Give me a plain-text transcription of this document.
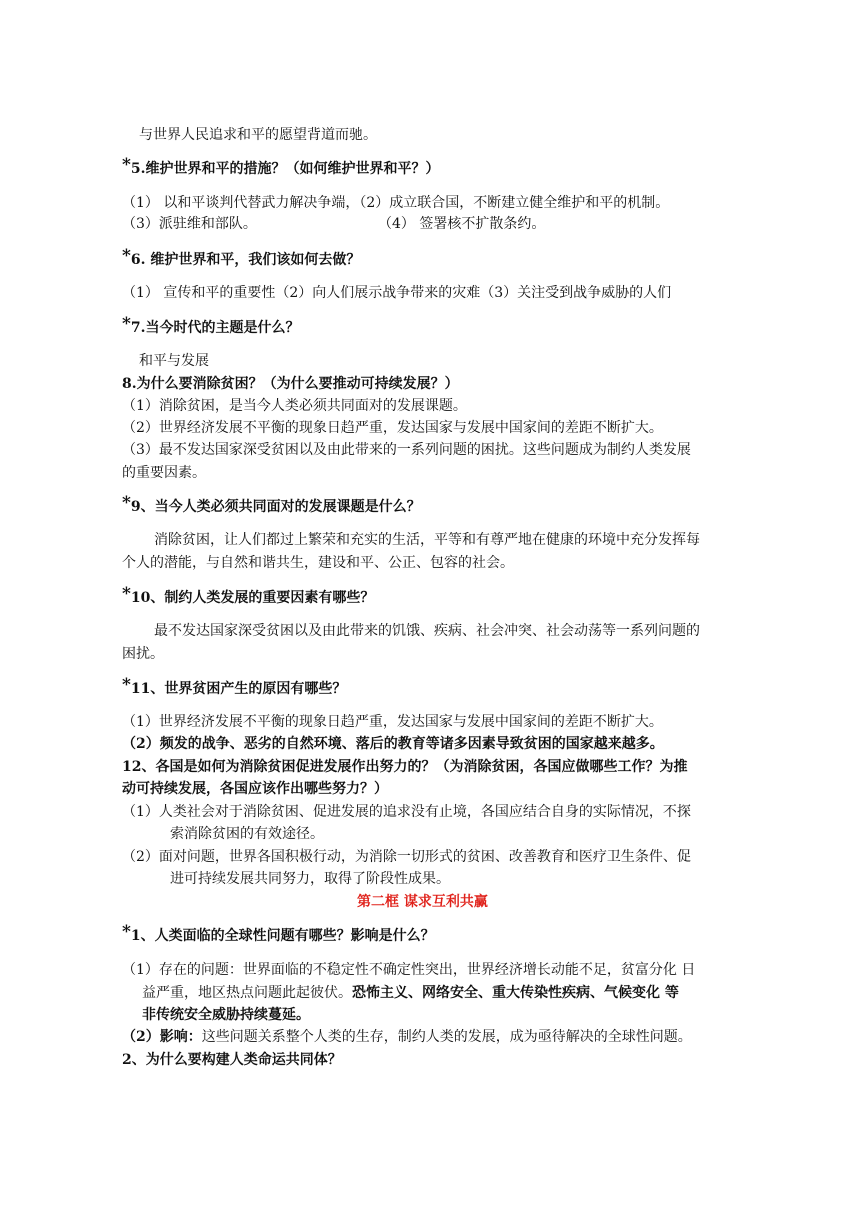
与世界人民追求和平的愿望背道而驰。
*5.维护世界和平的措施？（如何维护世界和平？）
（1） 以和平谈判代替武力解决争端，（2）成立联合国，不断建立健全维护和平的机制。
（3）派驻维和部队。	（4） 签署核不扩散条约。
*6. 维护世界和平，我们该如何去做？
（1） 宣传和平的重要性（2）向人们展示战争带来的灾难（3）关注受到战争威胁的人们
*7.当今时代的主题是什么？
和平与发展
8.为什么要消除贫困？（为什么要推动可持续发展？）
（1）消除贫困，是当今人类必须共同面对的发展课题。
（2）世界经济发展不平衡的现象日趋严重，发达国家与发展中国家间的差距不断扩大。
（3）最不发达国家深受贫困以及由此带来的一系列问题的困扰。这些问题成为制约人类发展
的重要因素。
*9、当今人类必须共同面对的发展课题是什么？
消除贫困，让人们都过上繁荣和充实的生活，平等和有尊严地在健康的环境中充分发挥每
个人的潜能，与自然和谐共生，建设和平、公正、包容的社会。
*10、制约人类发展的重要因素有哪些？
最不发达国家深受贫困以及由此带来的饥饿、疾病、社会冲突、社会动荡等一系列问题的
困扰。
*11、世界贫困产生的原因有哪些？
（1）世界经济发展不平衡的现象日趋严重，发达国家与发展中国家间的差距不断扩大。
（2）频发的战争、恶劣的自然环境、落后的教育等诸多因素导致贫困的国家越来越多。
12、各国是如何为消除贫困促进发展作出努力的？（为消除贫困，各国应做哪些工作？为推
动可持续发展，各国应该作出哪些努力？）
（1）人类社会对于消除贫困、促进发展的追求没有止境，各国应结合自身的实际情况，不探
索消除贫困的有效途径。
（2）面对问题，世界各国积极行动，为消除一切形式的贫困、改善教育和医疗卫生条件、促
进可持续发展共同努力，取得了阶段性成果。
第二框 谋求互利共赢
*1、人类面临的全球性问题有哪些？影响是什么？
（1）存在的问题：世界面临的不稳定性不确定性突出，世界经济增长动能不足，贫富分化 日
益严重，地区热点问题此起彼伏。恐怖主义、网络安全、重大传染性疾病、气候变化 等
非传统安全威胁持续蔓延。
（2）影响：这些问题关系整个人类的生存，制约人类的发展，成为亟待解决的全球性问题。
2、为什么要构建人类命运共同体？
